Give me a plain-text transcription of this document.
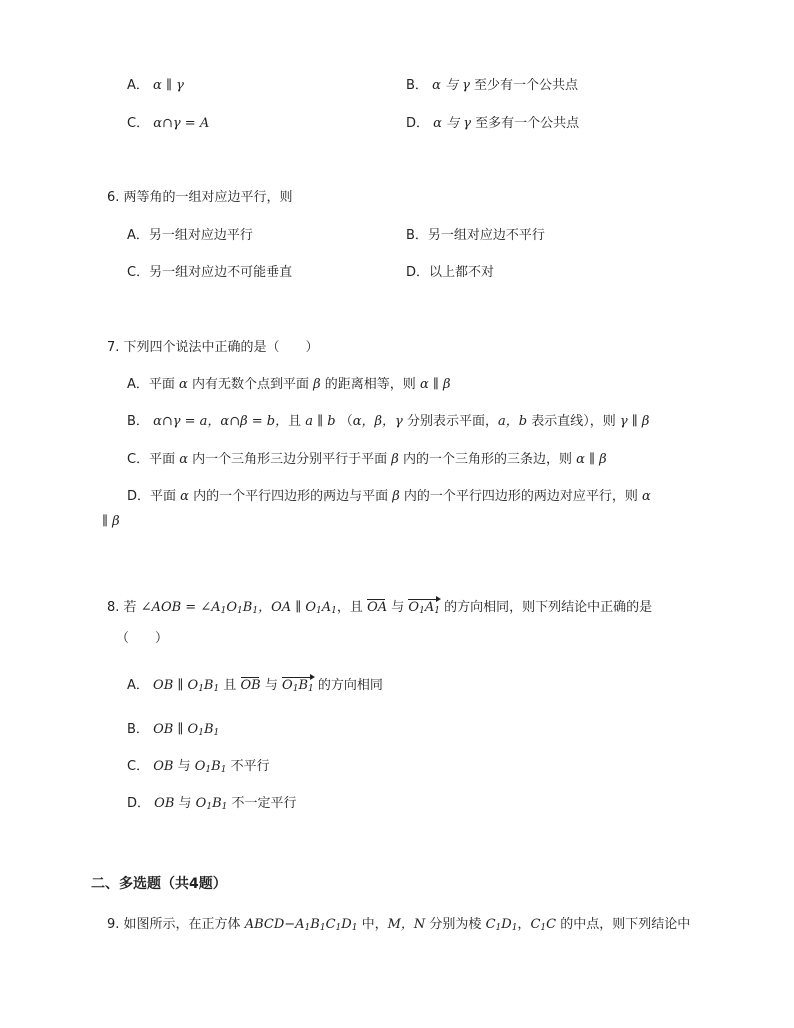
A． α ∥ γ	B． α 与 γ 至少有一个公共点
C． α∩γ = A	D． α 与 γ 至多有一个公共点
6. 两等角的一组对应边平行，则
A．另一组对应边平行	B．另一组对应边不平行
C．另一组对应边不可能垂直	D．以上都不对
7. 下列四个说法中正确的是（　　）
A．平面 α 内有无数个点到平面 β 的距离相等，则 α ∥ β
B． α∩γ = a，α∩β = b，且 a ∥ b （α，β，γ 分别表示平面，a，b 表示直线），则 γ ∥ β
C．平面 α 内一个三角形三边分别平行于平面 β 内的一个三角形的三条边，则 α ∥ β
D．平面 α 内的一个平行四边形的两边与平面 β 内的一个平行四边形的两边对应平行，则 α
∥ β
8. 若 ∠AOB = $\angle A_1O_1B_1$，OA ∥ $O_1A_1$，且 OA 与 $O_1A_1$ 的方向相同，则下列结论中正确的是
（　　）
A． OB ∥ $O_1B_1$ 且 OB 与 $O_1B_1$ 的方向相同
B． OB ∥ $O_1B_1$
C． OB 与 $O_1B_1$ 不平行
D． OB 与 $O_1B_1$ 不一定平行
二、多选题（共4题）
9. 如图所示，在正方体 $ABCD-A_1B_1C_1D_1$ 中，M，N 分别为棱 $C_1D_1$，$C_1C$ 的中点，则下列结论中
